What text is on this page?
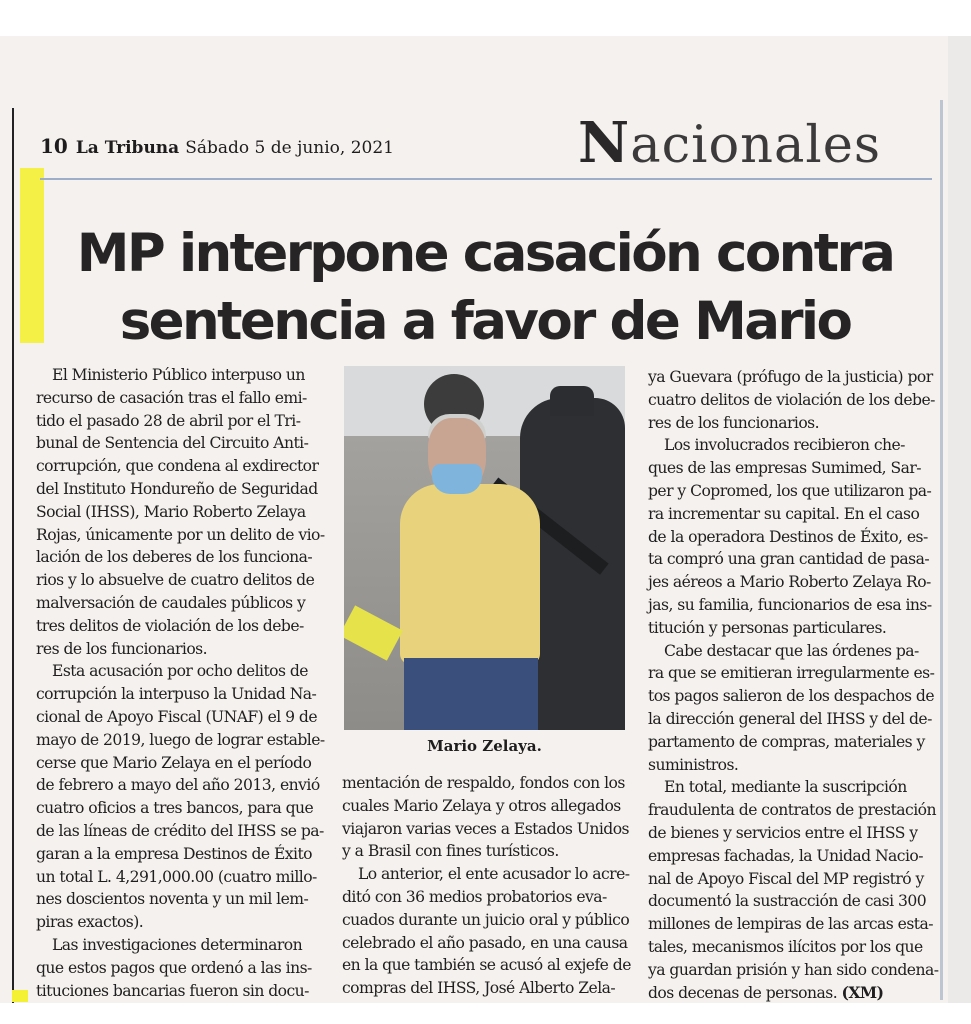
10 La Tribuna Sábado 5 de junio, 2021	Nacionales
MP interpone casación contra
sentencia a favor de Mario
El Ministerio Público interpuso un
recurso de casación tras el fallo emi-
tido el pasado 28 de abril por el Tri-
bunal de Sentencia del Circuito Anti-
corrupción, que condena al exdirector
del Instituto Hondureño de Seguridad
Social (IHSS), Mario Roberto Zelaya
Rojas, únicamente por un delito de vio-
lación de los deberes de los funciona-
rios y lo absuelve de cuatro delitos de
malversación de caudales públicos y
tres delitos de violación de los debe-
res de los funcionarios.
Esta acusación por ocho delitos de
corrupción la interpuso la Unidad Na-
cional de Apoyo Fiscal (UNAF) el 9 de
mayo de 2019, luego de lograr estable-
cerse que Mario Zelaya en el período
de febrero a mayo del año 2013, envió
cuatro oficios a tres bancos, para que
de las líneas de crédito del IHSS se pa-
garan a la empresa Destinos de Éxito
un total L. 4,291,000.00 (cuatro millo-
nes doscientos noventa y un mil lem-
piras exactos).
Las investigaciones determinaron
que estos pagos que ordenó a las ins-
tituciones bancarias fueron sin docu-

Mario Zelaya.

mentación de respaldo, fondos con los
cuales Mario Zelaya y otros allegados
viajaron varias veces a Estados Unidos
y a Brasil con fines turísticos.
Lo anterior, el ente acusador lo acre-
ditó con 36 medios probatorios eva-
cuados durante un juicio oral y público
celebrado el año pasado, en una causa
en la que también se acusó al exjefe de
compras del IHSS, José Alberto Zela-
ya Guevara (prófugo de la justicia) por
cuatro delitos de violación de los debe-
res de los funcionarios.
Los involucrados recibieron che-
ques de las empresas Sumimed, Sar-
per y Copromed, los que utilizaron pa-
ra incrementar su capital. En el caso
de la operadora Destinos de Éxito, es-
ta compró una gran cantidad de pasa-
jes aéreos a Mario Roberto Zelaya Ro-
jas, su familia, funcionarios de esa ins-
titución y personas particulares.
Cabe destacar que las órdenes pa-
ra que se emitieran irregularmente es-
tos pagos salieron de los despachos de
la dirección general del IHSS y del de-
partamento de compras, materiales y
suministros.
En total, mediante la suscripción
fraudulenta de contratos de prestación
de bienes y servicios entre el IHSS y
empresas fachadas, la Unidad Nacio-
nal de Apoyo Fiscal del MP registró y
documentó la sustracción de casi 300
millones de lempiras de las arcas esta-
tales, mecanismos ilícitos por los que
ya guardan prisión y han sido condena-
dos decenas de personas. (XM)
